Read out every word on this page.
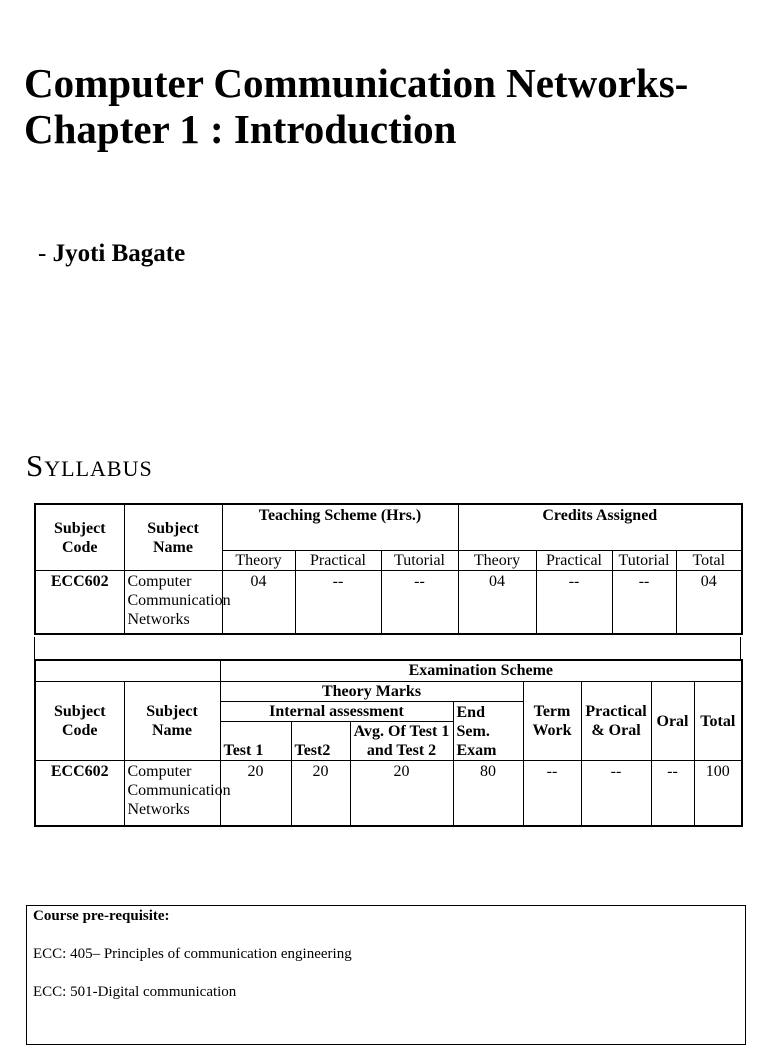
Computer Communication Networks-
Chapter 1 : Introduction
- Jyoti Bagate
Syllabus
Subject Code	Subject Name	Teaching Scheme (Hrs.)			Credits Assigned			
		Theory	Practical	Tutorial	Theory	Practical	Tutorial	Total
ECC602	Computer Communication Networks	04	--	--	04	--	--	04
		Examination Scheme							
Subject Code	Subject Name	Theory Marks				Term Work	Practical & Oral	Oral	Total
		Internal assessment			End Sem. Exam				
		Test 1	Test2	Avg. Of Test 1 and Test 2					
ECC602	Computer Communication Networks	20	20	20	80	--	--	--	100
Course pre-requisite:
ECC: 405– Principles of communication engineering
ECC: 501-Digital communication
